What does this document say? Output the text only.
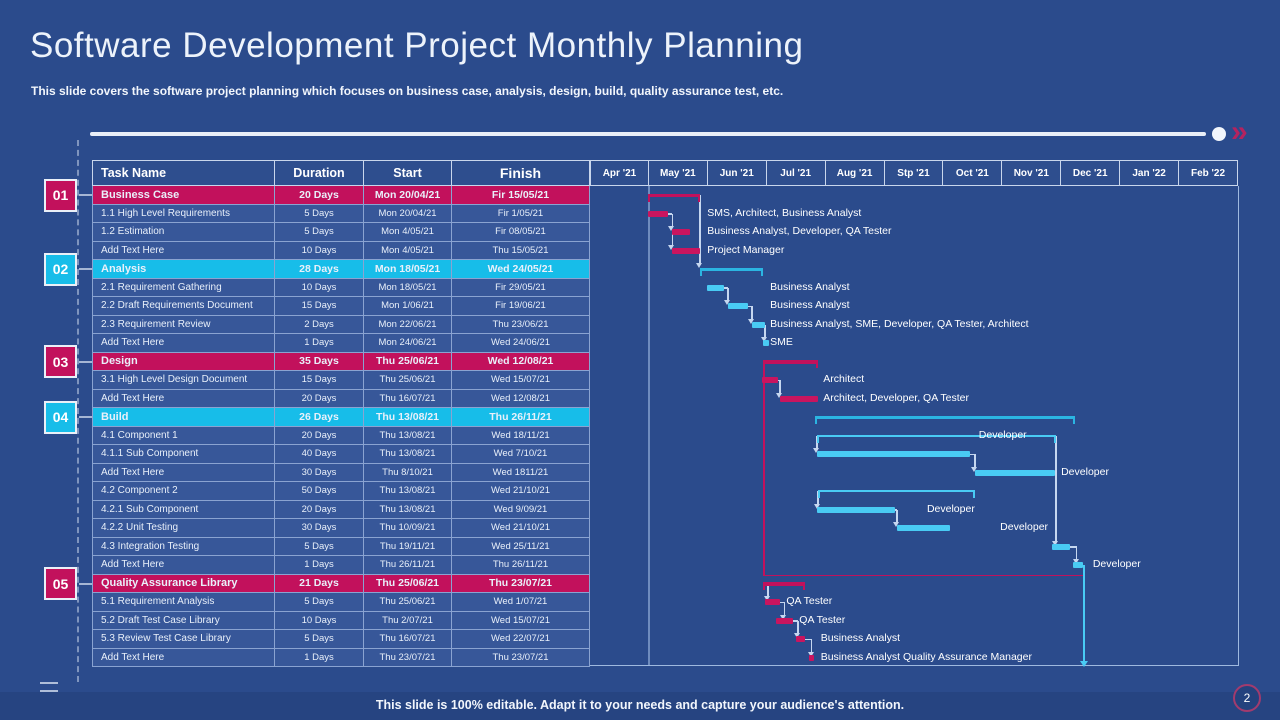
Software Development Project Monthly Planning
This slide covers the software project planning which focuses on business case, analysis, design, build, quality assurance test, etc.
»
01
02
03
04
05
Task Name	Duration	Start	Finish
Business Case	20 Days	Mon 20/04/21	Fir 15/05/21
1.1 High Level Requirements	5 Days	Mon 20/04/21	Fir 1/05/21
1.2 Estimation	5 Days	Mon 4/05/21	Fir 08/05/21
Add Text Here	10 Days	Mon 4/05/21	Thu 15/05/21
Analysis	28 Days	Mon 18/05/21	Wed 24/05/21
2.1 Requirement Gathering	10 Days	Mon 18/05/21	Fir 29/05/21
2.2 Draft Requirements Document	15 Days	Mon 1/06/21	Fir 19/06/21
2.3 Requirement Review	2 Days	Mon 22/06/21	Thu 23/06/21
Add Text Here	1 Days	Mon 24/06/21	Wed 24/06/21
Design	35 Days	Thu 25/06/21	Wed 12/08/21
3.1 High Level Design Document	15 Days	Thu 25/06/21	Wed 15/07/21
Add Text Here	20 Days	Thu 16/07/21	Wed 12/08/21
Build	26 Days	Thu 13/08/21	Thu 26/11/21
4.1 Component 1	20 Days	Thu 13/08/21	Wed 18/11/21
4.1.1 Sub Component	40 Days	Thu 13/08/21	Wed 7/10/21
Add Text Here	30 Days	Thu 8/10/21	Wed 1811/21
4.2 Component 2	50 Days	Thu 13/08/21	Wed 21/10/21
4.2.1 Sub Component	20 Days	Thu 13/08/21	Wed 9/09/21
4.2.2 Unit Testing	30 Days	Thu 10/09/21	Wed 21/10/21
4.3 Integration Testing	5 Days	Thu 19/11/21	Wed 25/11/21
Add Text Here	1 Days	Thu 26/11/21	Thu 26/11/21
Quality Assurance Library	21 Days	Thu 25/06/21	Thu 23/07/21
5.1 Requirement Analysis	5 Days	Thu 25/06/21	Wed 1/07/21
5.2 Draft Test Case Library	10 Days	Thu 2/07/21	Wed 15/07/21
5.3 Review Test Case Library	5 Days	Thu 16/07/21	Wed 22/07/21
Add Text Here	1 Days	Thu 23/07/21	Thu 23/07/21
Apr '21	May '21	Jun '21	Jul '21	Aug '21	Stp '21	Oct '21	Nov '21	Dec '21	Jan '22	Feb '22
SMS, Architect, Business Analyst
Business Analyst, Developer, QA Tester
Project Manager
Business Analyst
Business Analyst
Business Analyst, SME, Developer, QA Tester, Architect
SME
Architect
Architect, Developer, QA Tester
Developer
Developer
Developer
Developer
Developer
QA Tester
QA Tester
Business Analyst
Business Analyst Quality Assurance Manager
This slide is 100% editable. Adapt it to your needs and capture your audience's attention.	2
